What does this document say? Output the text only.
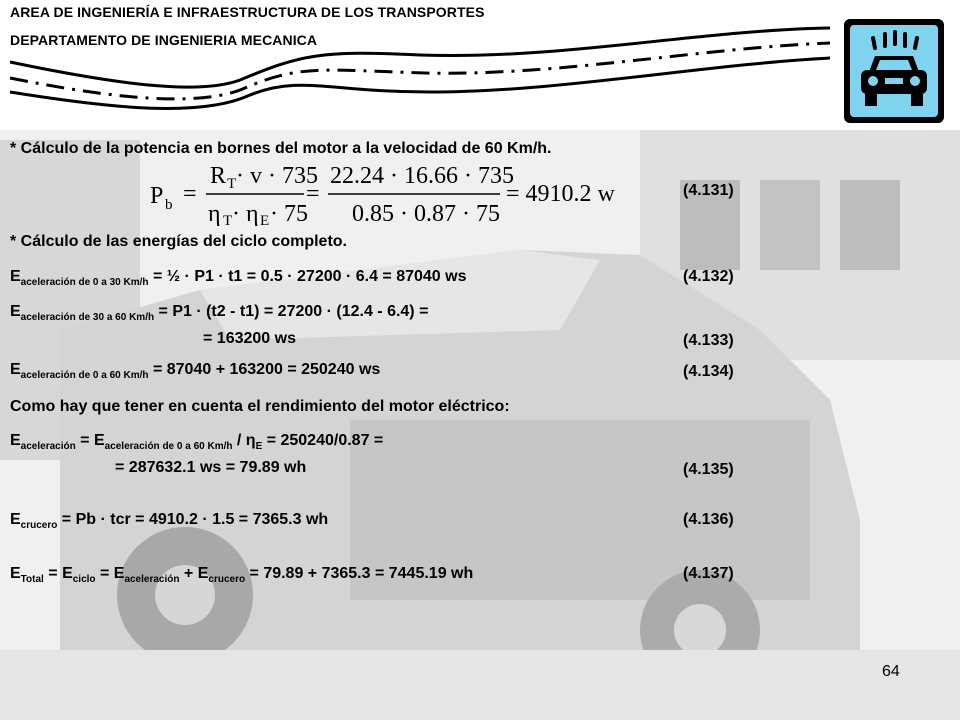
AREA DE INGENIERÍA E INFRAESTRUCTURA DE LOS TRANSPORTES
DEPARTAMENTO DE INGENIERIA MECANICA
* Cálculo de la potencia en bornes del motor a la velocidad de 60 Km/h.
P b =
R T · v · 735
η T · η E · 75
=
22.24 · 16.66 · 735
0.85 · 0.87 · 75
= 4910.2 w	(4.131)
* Cálculo de las energías del ciclo completo.
$E_{aceleración de 0 a 30 Km/h}$ = ½ · P1 · t1 = 0.5 · 27200 · 6.4 = 87040 ws	(4.132)
$E_{aceleración de 30 a 60 Km/h} = P1 \cdot (t2 - t1) = 27200 \cdot (12.4 - 6.4)$ =
= 163200 ws	(4.133)
$E_{aceleración de 0 a 60 Km/h} = 87040 + 163200 = 250240$ ws	(4.134)
Como hay que tener en cuenta el rendimiento del motor eléctrico:
$E_{aceleración} = E_{aceleración de 0 a 60 Km/h} / \eta_E = 250240/0.87$ =
= 287632.1 ws = 79.89 wh	(4.135)
$E_{crucero} = Pb$ · tcr = 4910.2 · 1.5 = 7365.3 wh	(4.136)
$E_{Total} = E_{ciclo} = E_{aceleración} + E_{crucero} = 79.89 + 7365.3 = 7445.19$ wh	(4.137)
64
